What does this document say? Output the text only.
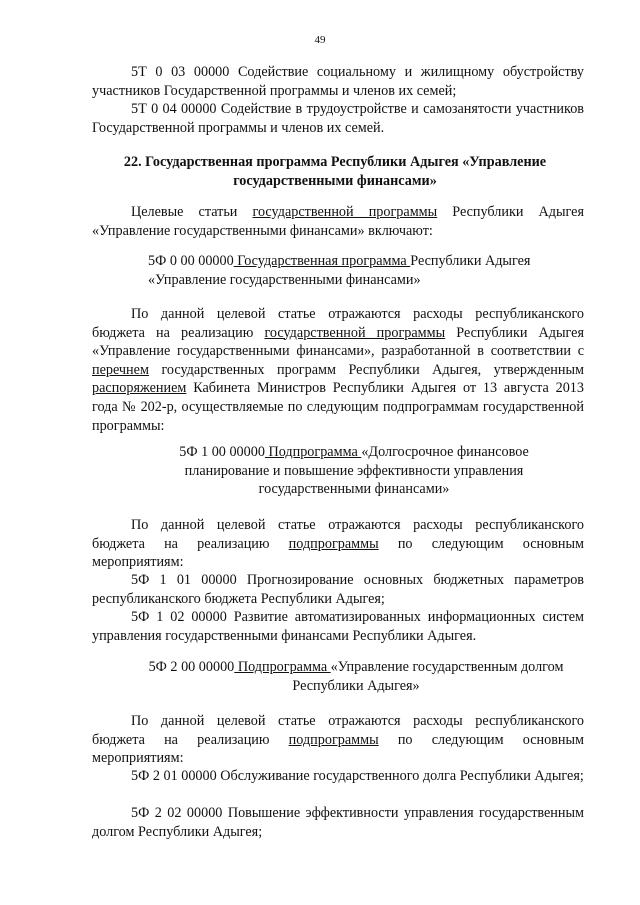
49

5Т 0 03 00000 Содействие социальному и жилищному обустройству участников Государственной программы и членов их семей;

5Т 0 04 00000 Содействие в трудоустройстве и самозанятости участников Государственной программы и членов их семей.

22. Государственная программа Республики Адыгея «Управление государственными финансами»

Целевые статьи государственной программы Республики Адыгея «Управление государственными финансами» включают:

5Ф 0 00 00000 Государственная программа Республики Адыгея «Управление государственными финансами»

По данной целевой статье отражаются расходы республиканского бюджета на реализацию государственной программы Республики Адыгея «Управление государственными финансами», разработанной в соответствии с перечнем государственных программ Республики Адыгея, утвержденным распоряжением Кабинета Министров Республики Адыгея от 13 августа 2013 года № 202-р, осуществляемые по следующим подпрограммам государственной программы:

5Ф 1 00 00000 Подпрограмма «Долгосрочное финансовое планирование и повышение эффективности управления государственными финансами»

По данной целевой статье отражаются расходы республиканского бюджета на реализацию подпрограммы по следующим основным мероприятиям:

5Ф 1 01 00000 Прогнозирование основных бюджетных параметров республиканского бюджета Республики Адыгея;

5Ф 1 02 00000 Развитие автоматизированных информационных систем управления государственными финансами Республики Адыгея.

5Ф 2 00 00000 Подпрограмма «Управление государственным долгом Республики Адыгея»

По данной целевой статье отражаются расходы республиканского бюджета на реализацию подпрограммы по следующим основным мероприятиям:

5Ф 2 01 00000 Обслуживание государственного долга Республики Адыгея;

5Ф 2 02 00000 Повышение эффективности управления государственным долгом Республики Адыгея;
